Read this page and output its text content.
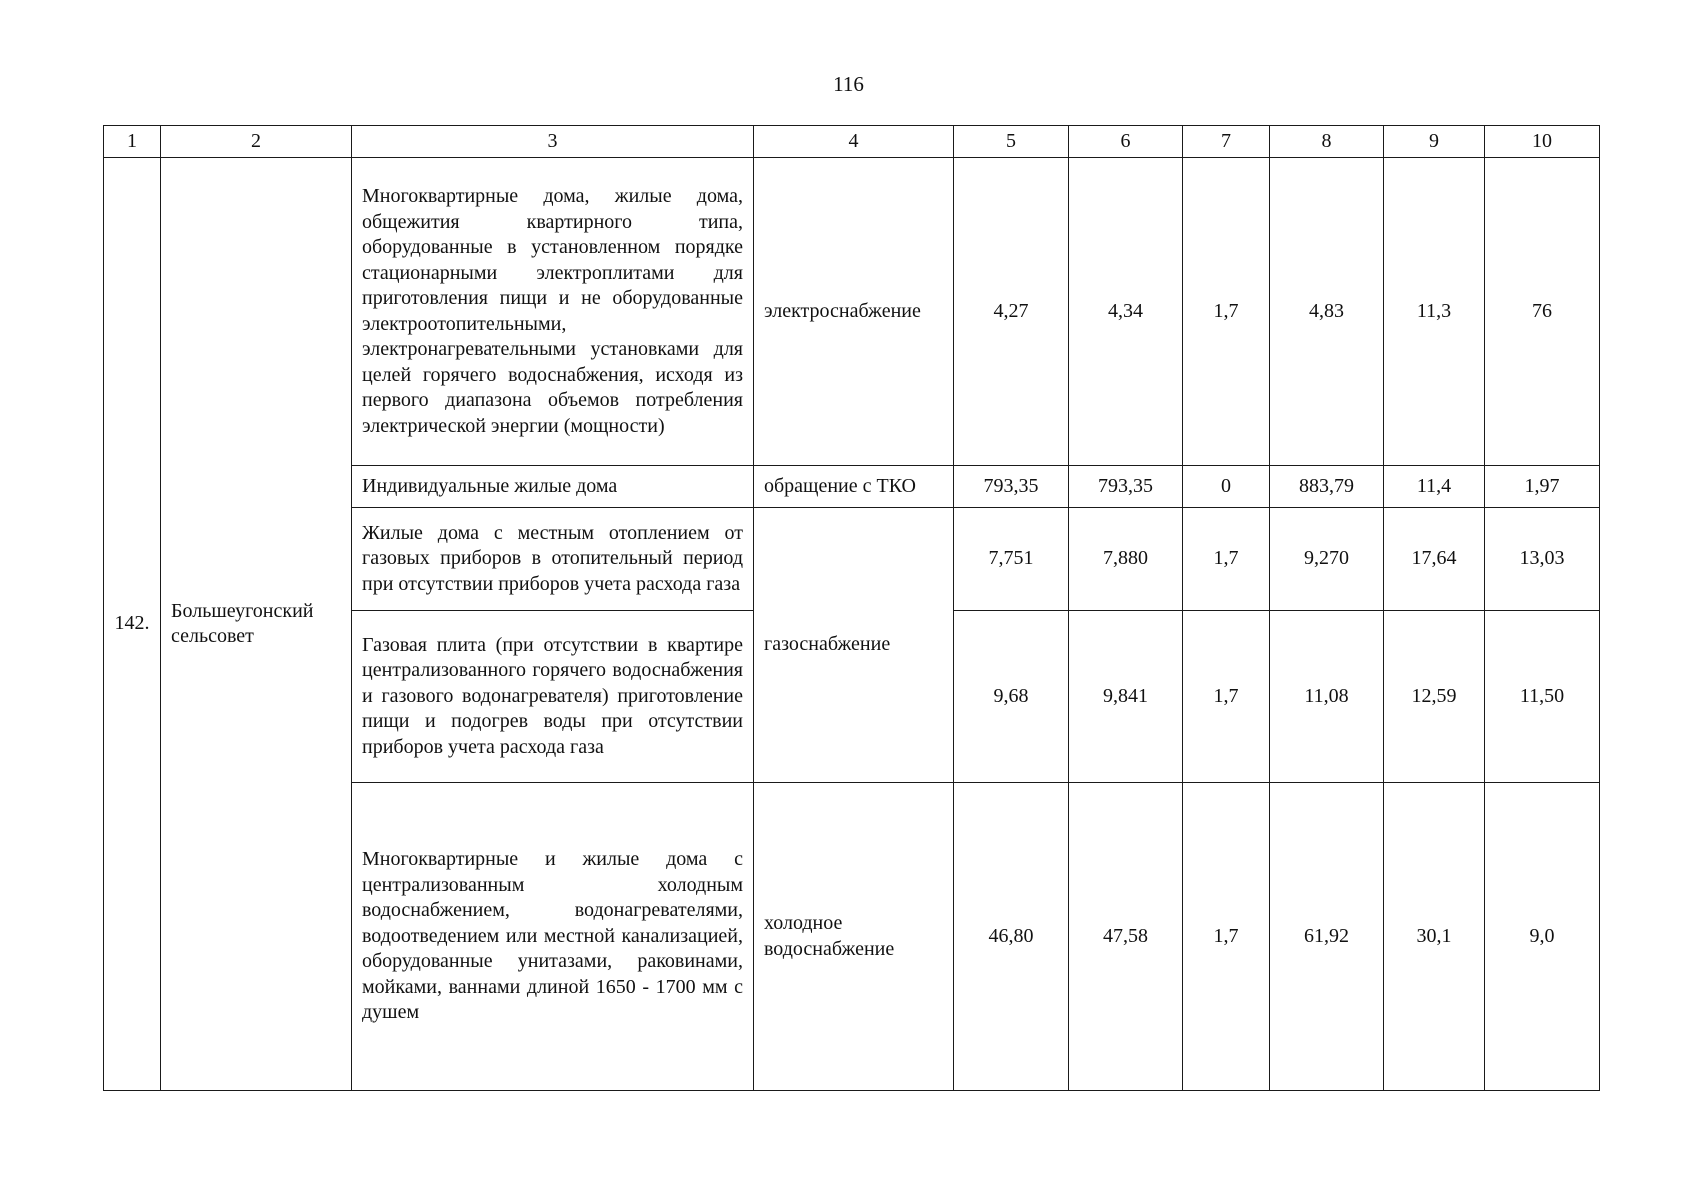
116
1	2	3	4	5	6	7	8	9	10
142.	Большеугонский сельсовет	Многоквартирные дома, жилые дома, общежития квартирного типа, оборудованные в установленном порядке стационарными электроплитами для приготовления пищи и не оборудованные электроотопительными, электронагревательными установками для целей горячего водоснабжения, исходя из первого диапазона объемов потребления электрической энергии (мощности)	электроснабжение	4,27	4,34	1,7	4,83	11,3	76
		Индивидуальные жилые дома	обращение с ТКО	793,35	793,35	0	883,79	11,4	1,97
		Жилые дома с местным отоплением от газовых приборов в отопительный период при отсутствии приборов учета расхода газа	газоснабжение	7,751	7,880	1,7	9,270	17,64	13,03
		Газовая плита (при отсутствии в квартире централизованного горячего водоснабжения и газового водонагревателя) приготовление пищи и подогрев воды при отсутствии приборов учета расхода газа		9,68	9,841	1,7	11,08	12,59	11,50
		Многоквартирные и жилые дома с централизованным холодным водоснабжением, водонагревателями, водоотведением или местной канализацией, оборудованные унитазами, раковинами, мойками, ваннами длиной 1650 - 1700 мм с душем	холодное водоснабжение	46,80	47,58	1,7	61,92	30,1	9,0
